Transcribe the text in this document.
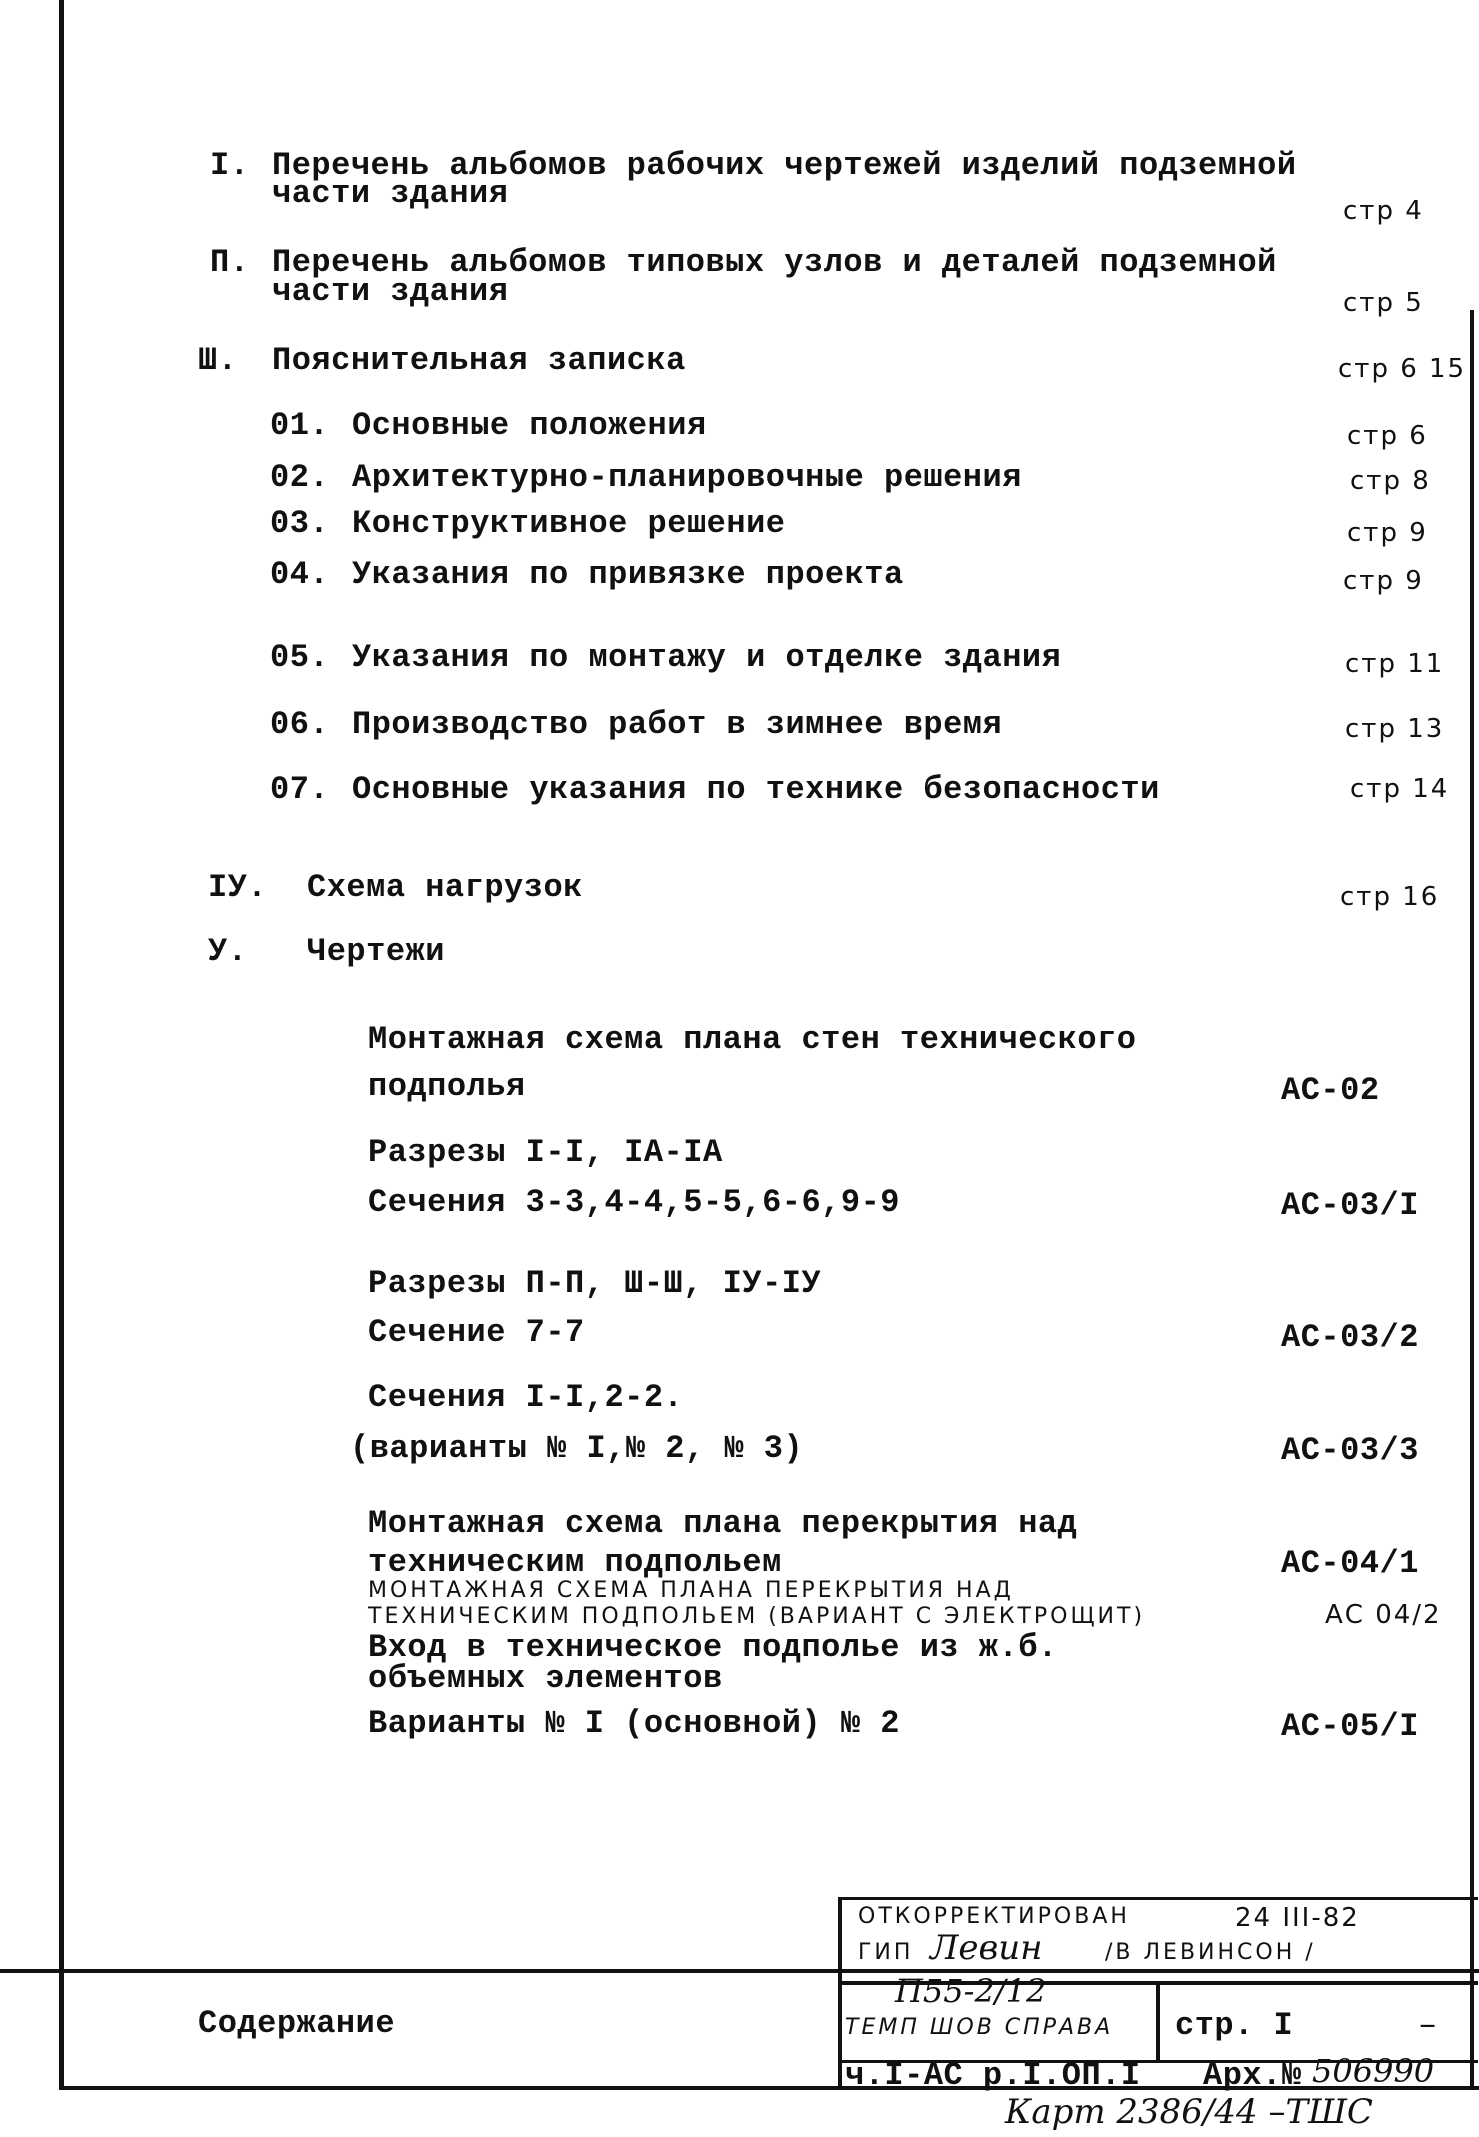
I. Перечень альбомов рабочих чертежей изделий подземной
части здания	стр 4
П. Перечень альбомов типовых узлов и деталей подземной
части здания	стр 5
Ш. Пояснительная записка	стр 6 15
01. Основные положения	стр 6
02. Архитектурно-планировочные решения	стр 8
03. Конструктивное решение	стр 9
04. Указания по привязке проекта	стр 9
05. Указания по монтажу и отделке здания	стр 11
06. Производство работ в зимнее время	стр 13
07. Основные указания по технике безопасности	стр 14
IУ. Схема нагрузок	стр 16
У. Чертежи
Монтажная схема плана стен технического
подполья	АС-02
Разрезы I-I, IA-IA
Сечения 3-3,4-4,5-5,6-6,9-9	АС-03/I
Разрезы П-П, Ш-Ш, IУ-IУ
Сечение 7-7	АС-03/2
Сечения I-I,2-2.
(варианты № I,№ 2, № 3)	АС-03/3
Монтажная схема плана перекрытия над
техническим подпольем	АС-04/1
МОНТАЖНАЯ СХЕМА ПЛАНА ПЕРЕКРЫТИЯ НАД
ТЕХНИЧЕСКИМ ПОДПОЛЬЕМ (ВАРИАНТ С ЭЛЕКТРОЩИТ)	АС 04/2
Вход в техническое подполье из ж.б.
объемных элементов
Варианты № I (основной) № 2	АС-05/I
ОТКОРРЕКТИРОВАН	24 III-82
ГИП Левин	/В ЛЕВИНСОН /
П55-2/12
ТЕМП ШОВ СПРАВА стр. I	–
ч.I-АС р.I.ОП.I Арх.№ 506990
Содержание
Карт 2386/44 –ТШС
